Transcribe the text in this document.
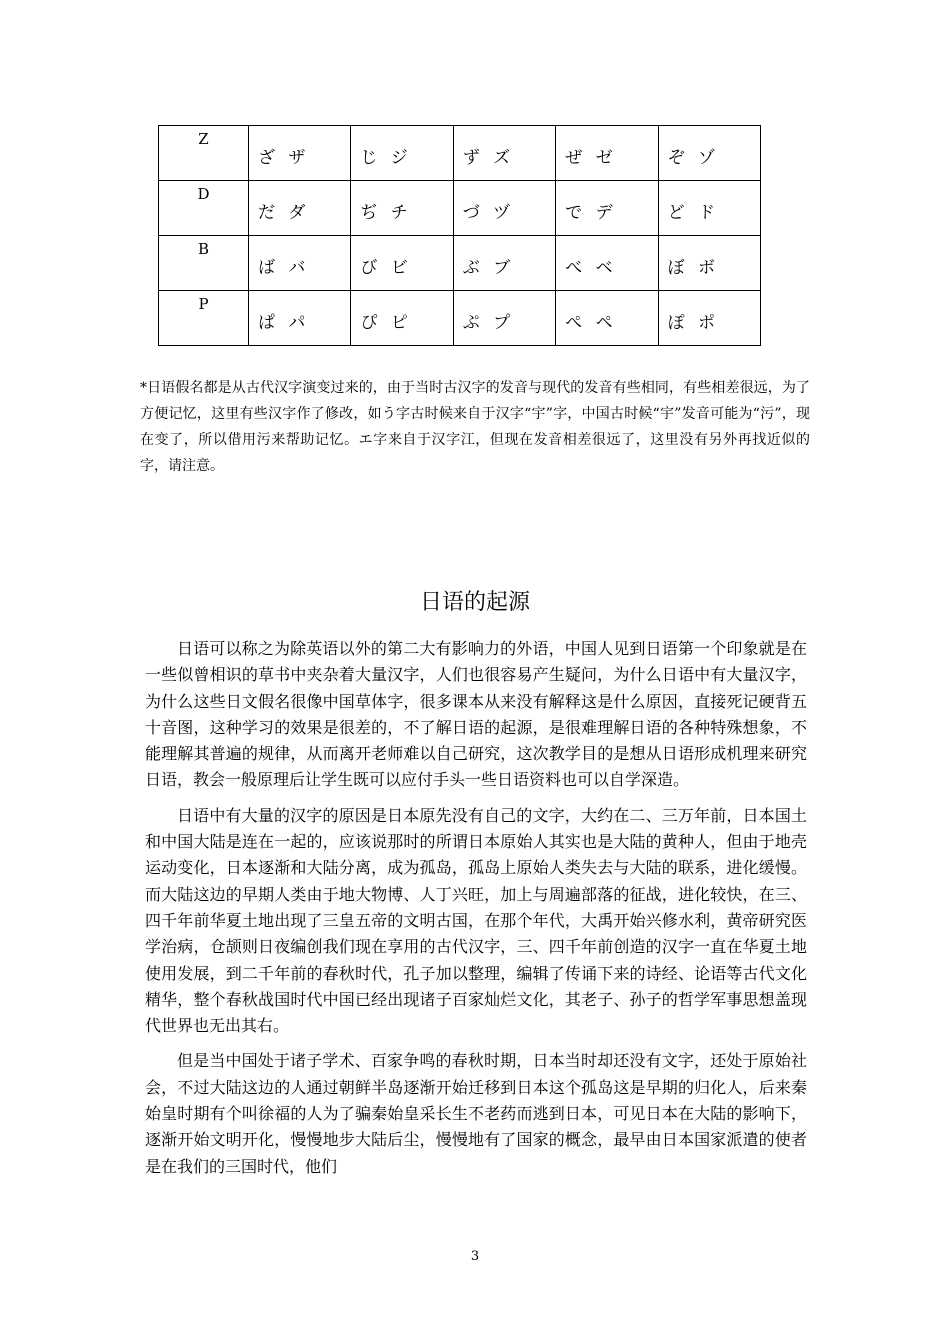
Z	ざ ザ	じ ジ	ず ズ	ぜ ゼ	ぞ ゾ
D	だ ダ	ぢ チ	づ ヅ	で デ	ど ド
B	ば バ	び ビ	ぶ ブ	べ ベ	ぼ ボ
P	ぱ パ	ぴ ピ	ぷ プ	ぺ ペ	ぽ ポ
*日语假名都是从古代汉字演变过来的，由于当时古汉字的发音与现代的发音有些相同，有些相差很远，为了方便记忆，这里有些汉字作了修改，如う字古时候来自于汉字“宇”字，中国古时候“宇”发音可能为“污”，现在变了，所以借用污来帮助记忆。エ字来自于汉字江，但现在发音相差很远了，这里没有另外再找近似的字，请注意。
日语的起源

日语可以称之为除英语以外的第二大有影响力的外语，中国人见到日语第一个印象就是在一些似曾相识的草书中夹杂着大量汉字，人们也很容易产生疑问，为什么日语中有大量汉字，为什么这些日文假名很像中国草体字，很多课本从来没有解释这是什么原因，直接死记硬背五十音图，这种学习的效果是很差的，不了解日语的起源，是很难理解日语的各种特殊想象，不能理解其普遍的规律，从而离开老师难以自己研究，这次教学目的是想从日语形成机理来研究日语，教会一般原理后让学生既可以应付手头一些日语资料也可以自学深造。

日语中有大量的汉字的原因是日本原先没有自己的文字，大约在二、三万年前，日本国土和中国大陆是连在一起的，应该说那时的所谓日本原始人其实也是大陆的黄种人，但由于地壳运动变化，日本逐渐和大陆分离，成为孤岛，孤岛上原始人类失去与大陆的联系，进化缓慢。而大陆这边的早期人类由于地大物博、人丁兴旺，加上与周遍部落的征战，进化较快，在三、四千年前华夏土地出现了三皇五帝的文明古国，在那个年代，大禹开始兴修水利，黄帝研究医学治病，仓颉则日夜编创我们现在享用的古代汉字，三、四千年前创造的汉字一直在华夏土地使用发展，到二千年前的春秋时代，孔子加以整理，编辑了传诵下来的诗经、论语等古代文化精华，整个春秋战国时代中国已经出现诸子百家灿烂文化，其老子、孙子的哲学军事思想盖现代世界也无出其右。

但是当中国处于诸子学术、百家争鸣的春秋时期，日本当时却还没有文字，还处于原始社会，不过大陆这边的人通过朝鲜半岛逐渐开始迁移到日本这个孤岛这是早期的归化人，后来秦始皇时期有个叫徐福的人为了骗秦始皇采长生不老药而逃到日本，可见日本在大陆的影响下，逐渐开始文明开化，慢慢地步大陆后尘，慢慢地有了国家的概念，最早由日本国家派遣的使者是在我们的三国时代，他们

3
